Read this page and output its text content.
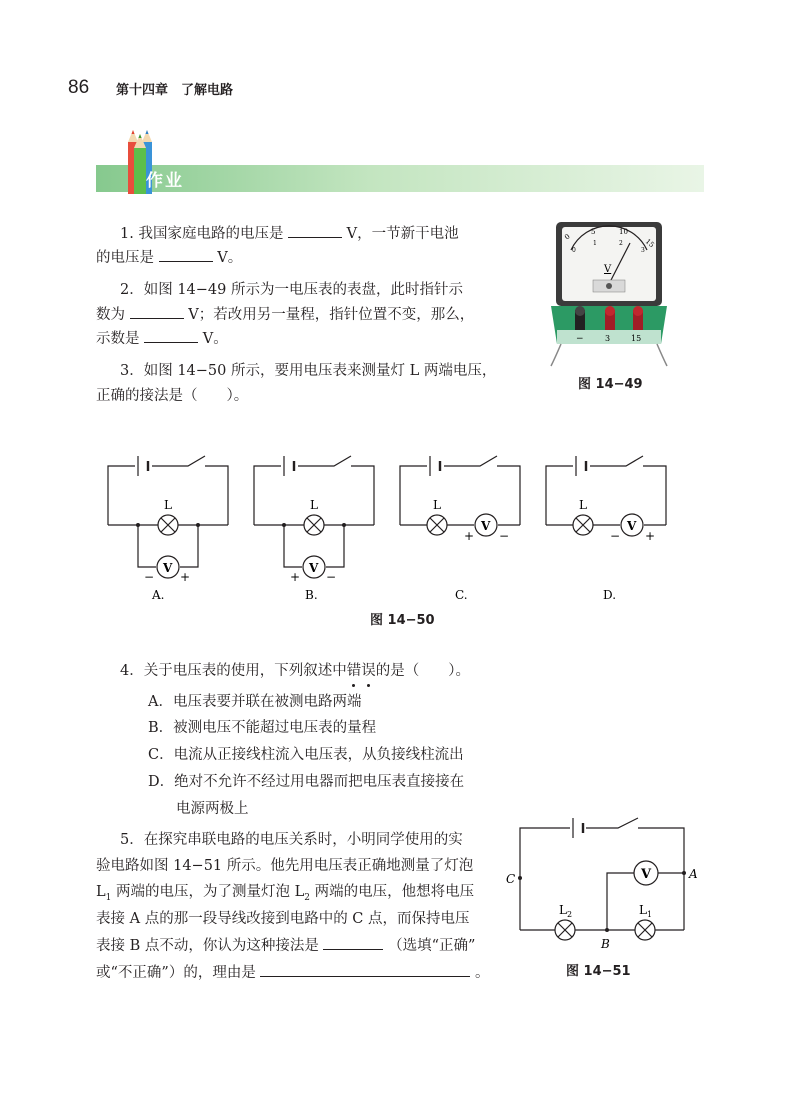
86 第十四章　了解电路
作业
1. 我国家庭电路的电压是	V，一节新干电池
的电压是	V。
2．如图 14−49 所示为一电压表的表盘，此时指针示
数为	V；若改用另一量程，指针位置不变，那么，
示数是	V。
3．如图 14−50 所示，要用电压表来测量灯 L 两端电压，
正确的接法是（　　）。
0
5	10
15
0
1	2
3
V
−	3	15
图 14−49
L	L	L	L
V	V
V	V
− +	+ −
+ −	− +
A.	B.	C.	D.
图 14−50
4．关于电压表的使用，下列叙述中错误的是（　　）。
A．电压表要并联在被测电路两端
B．被测电压不能超过电压表的量程
C．电流从正接线柱流入电压表，从负接线柱流出
D．绝对不允许不经过用电器而把电压表直接接在
电源两极上
5．在探究串联电路的电压关系时，小明同学使用的实
验电路如图 14−51 所示。他先用电压表正确地测量了灯泡
$L_1$ 两端的电压，为了测量灯泡 $L_2$ 两端的电压，他想将电压
表接 A 点的那一段导线改接到电路中的 C 点，而保持电压
表接 B 点不动，你认为这种接法是	（选填“正确”
或“不正确”）的，理由是	。
V
C	A
B
$L_2$	$L_1$
图 14−51
